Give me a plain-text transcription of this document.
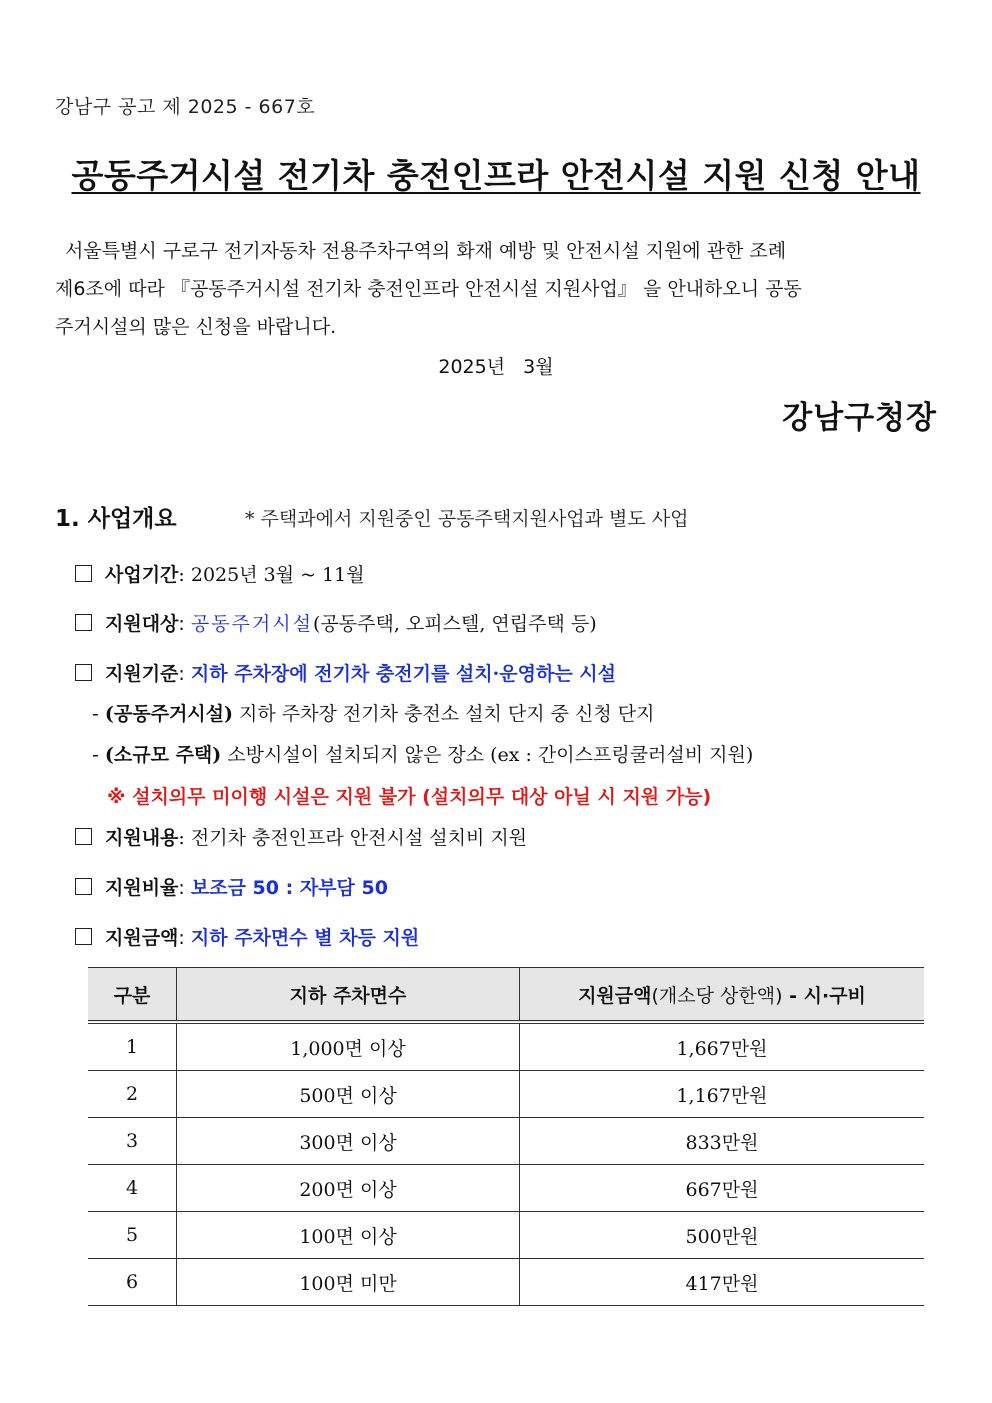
강남구 공고 제 2025 - 667호
공동주거시설 전기차 충전인프라 안전시설 지원 신청 안내
서울특별시 구로구 전기자동차 전용주차구역의 화재 예방 및 안전시설 지원에 관한 조례
제6조에 따라 『공동주거시설 전기차 충전인프라 안전시설 지원사업』 을 안내하오니 공동
주거시설의 많은 신청을 바랍니다.
2025년   3월
강남구청장
1. 사업개요	* 주택과에서 지원중인 공동주택지원사업과 별도 사업
사업기간: 2025년 3월 ~ 11월
지원대상: 공동주거시설(공동주택, 오피스텔, 연립주택 등)
지원기준: 지하 주차장에 전기차 충전기를 설치·운영하는 시설
- (공동주거시설) 지하 주차장 전기차 충전소 설치 단지 중 신청 단지
- (소규모 주택) 소방시설이 설치되지 않은 장소 (ex : 간이스프링쿨러설비 지원)
※ 설치의무 미이행 시설은 지원 불가 (설치의무 대상 아닐 시 지원 가능)
지원내용: 전기차 충전인프라 안전시설 설치비 지원
지원비율: 보조금 50 : 자부담 50
지원금액: 지하 주차면수 별 차등 지원
구분	지하 주차면수	지원금액(개소당 상한액) - 시·구비
1	1,000면 이상	1,667만원
2	500면 이상	1,167만원
3	300면 이상	833만원
4	200면 이상	667만원
5	100면 이상	500만원
6	100면 미만	417만원
